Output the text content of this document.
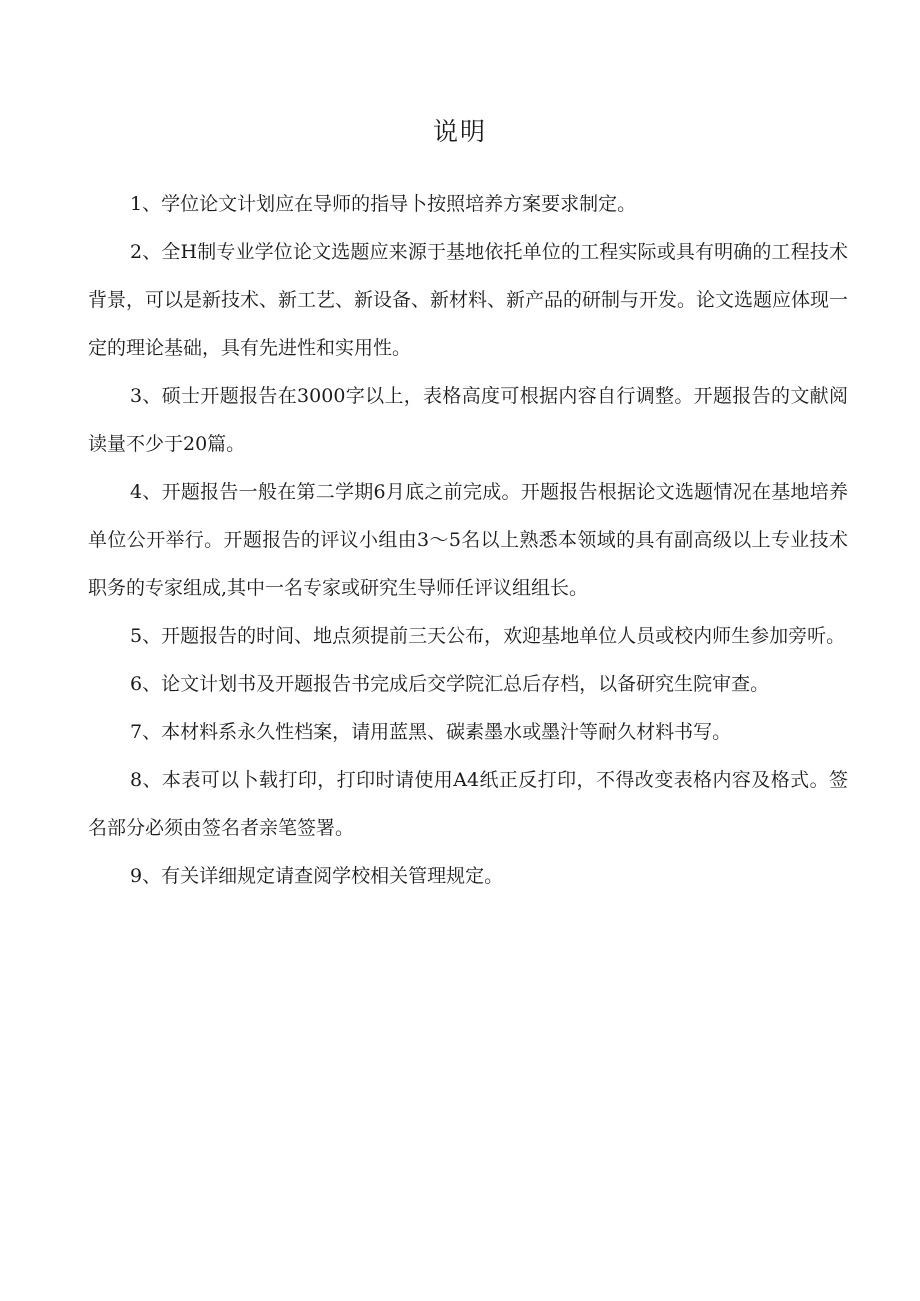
说明

1、学位论文计划应在导师的指导卜按照培养方案要求制定。

2、全H制专业学位论文选题应来源于基地依托单位的工程实际或具有明确的工程技术背景，可以是新技术、新工艺、新设备、新材料、新产品的研制与开发。论文选题应体现一定的理论基础，具有先进性和实用性。

3、硕士开题报告在3000字以上，表格高度可根据内容自行调整。开题报告的文献阅读量不少于20篇。

4、开题报告一般在第二学期6月底之前完成。开题报告根据论文选题情况在基地培养单位公开举行。开题报告的评议小组由3～5名以上熟悉本领域的具有副高级以上专业技术职务的专家组成,其中一名专家或研究生导师任评议组组长。

5、开题报告的时间、地点须提前三天公布，欢迎基地单位人员或校内师生参加旁听。

6、论文计划书及开题报告书完成后交学院汇总后存档，以备研究生院审查。

7、本材料系永久性档案，请用蓝黑、碳素墨水或墨汁等耐久材料书写。

8、本表可以卜载打印，打印时请使用A4纸正反打印，不得改变表格内容及格式。签名部分必须由签名者亲笔签署。

9、有关详细规定请查阅学校相关管理规定。
